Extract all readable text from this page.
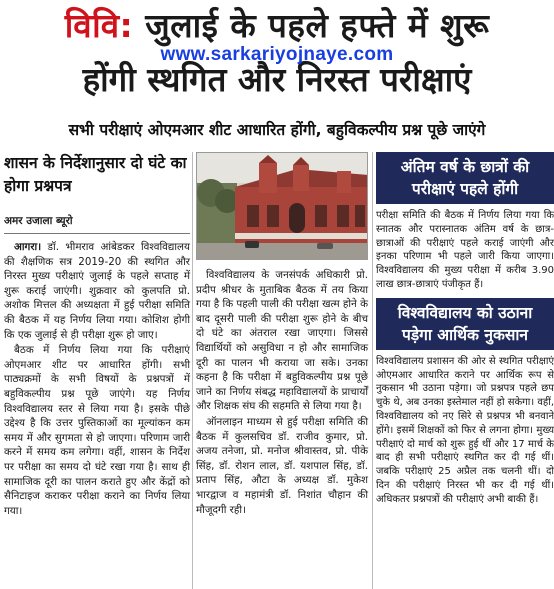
विवि: जुलाई के पहले हफ्ते में शुरू
होंगी स्थगित और निरस्त परीक्षाएं
www.sarkariyojnaye.com
सभी परीक्षाएं ओएमआर शीट आधारित होंगी, बहुविकल्पीय प्रश्न पूछे जाएंगे
शासन के निर्देशानुसार दो घंटे का होगा प्रश्नपत्र
अमर उजाला ब्यूरो

आगरा। डॉ. भीमराव आंबेडकर विश्वविद्यालय की शैक्षणिक सत्र 2019-20 की स्थगित और निरस्त मुख्य परीक्षाएं जुलाई के पहले सप्ताह में शुरू कराई जाएंगी। शुक्रवार को कुलपति प्रो. अशोक मित्तल की अध्यक्षता में हुई परीक्षा समिति की बैठक में यह निर्णय लिया गया। कोशिश होगी कि एक जुलाई से ही परीक्षा शुरू हो जाए।

बैठक में निर्णय लिया गया कि परीक्षाएं ओएमआर शीट पर आधारित होंगी। सभी पाठ्यक्रमों के सभी विषयों के प्रश्नपत्रों में बहुविकल्पीय प्रश्न पूछे जाएंगे। यह निर्णय विश्वविद्यालय स्तर से लिया गया है। इसके पीछे उद्देश्य है कि उत्तर पुस्तिकाओं का मूल्यांकन कम समय में और सुगमता से हो जाएगा। परिणाम जारी करने में समय कम लगेगा। वहीं, शासन के निर्देश पर परीक्षा का समय दो घंटे रखा गया है। साथ ही सामाजिक दूरी का पालन कराते हुए और केंद्रों को सैनिटाइज कराकर परीक्षा कराने का निर्णय लिया गया।

विश्वविद्यालय के जनसंपर्क अधिकारी प्रो. प्रदीप श्रीधर के मुताबिक बैठक में तय किया गया है कि पहली पाली की परीक्षा खत्म होने के बाद दूसरी पाली की परीक्षा शुरू होने के बीच दो घंटे का अंतराल रखा जाएगा। जिससे विद्यार्थियों को असुविधा न हो और सामाजिक दूरी का पालन भी कराया जा सके। उनका कहना है कि परीक्षा में बहुविकल्पीय प्रश्न पूछे जाने का निर्णय संबद्ध महाविद्यालयों के प्राचार्यों और शिक्षक संघ की सहमति से लिया गया है।

ऑनलाइन माध्यम से हुई परीक्षा समिति की बैठक में कुलसचिव डॉ. राजीव कुमार, प्रो. अजय तनेजा, प्रो. मनोज श्रीवास्तव, प्रो. पीके सिंह, डॉ. रोशन लाल, डॉ. यशपाल सिंह, डॉ. प्रताप सिंह, औटा के अध्यक्ष डॉ. मुकेश भारद्वाज व महामंत्री डॉ. निशांत चौहान की मौजूदगी रही।

अंतिम वर्ष के छात्रों की परीक्षाएं पहले होंगी
परीक्षा समिति की बैठक में निर्णय लिया गया कि स्नातक और परास्नातक अंतिम वर्ष के छात्र-छात्राओं की परीक्षाएं पहले कराई जाएंगी और इनका परिणाम भी पहले जारी किया जाएगा। विश्वविद्यालय की मुख्य परीक्षा में करीब 3.90 लाख छात्र-छात्राएं पंजीकृत हैं।
विश्वविद्यालय को उठाना पड़ेगा आर्थिक नुकसान
विश्वविद्यालय प्रशासन की ओर से स्थगित परीक्षाएं ओएमआर आधारित कराने पर आर्थिक रूप से नुकसान भी उठाना पड़ेगा। जो प्रश्नपत्र पहले छप चुके थे, अब उनका इस्तेमाल नहीं हो सकेगा। वहीं, विश्वविद्यालय को नए सिरे से प्रश्नपत्र भी बनवाने होंगे। इसमें शिक्षकों को फिर से लगना होगा। मुख्य परीक्षाएं दो मार्च को शुरू हुई थीं और 17 मार्च के बाद ही सभी परीक्षाएं स्थगित कर दी गई थीं। जबकि परीक्षाएं 25 अप्रैल तक चलनी थीं। दो दिन की परीक्षाएं निरस्त भी कर दी गई थीं। अधिकतर प्रश्नपत्रों की परीक्षाएं अभी बाकी हैं।
